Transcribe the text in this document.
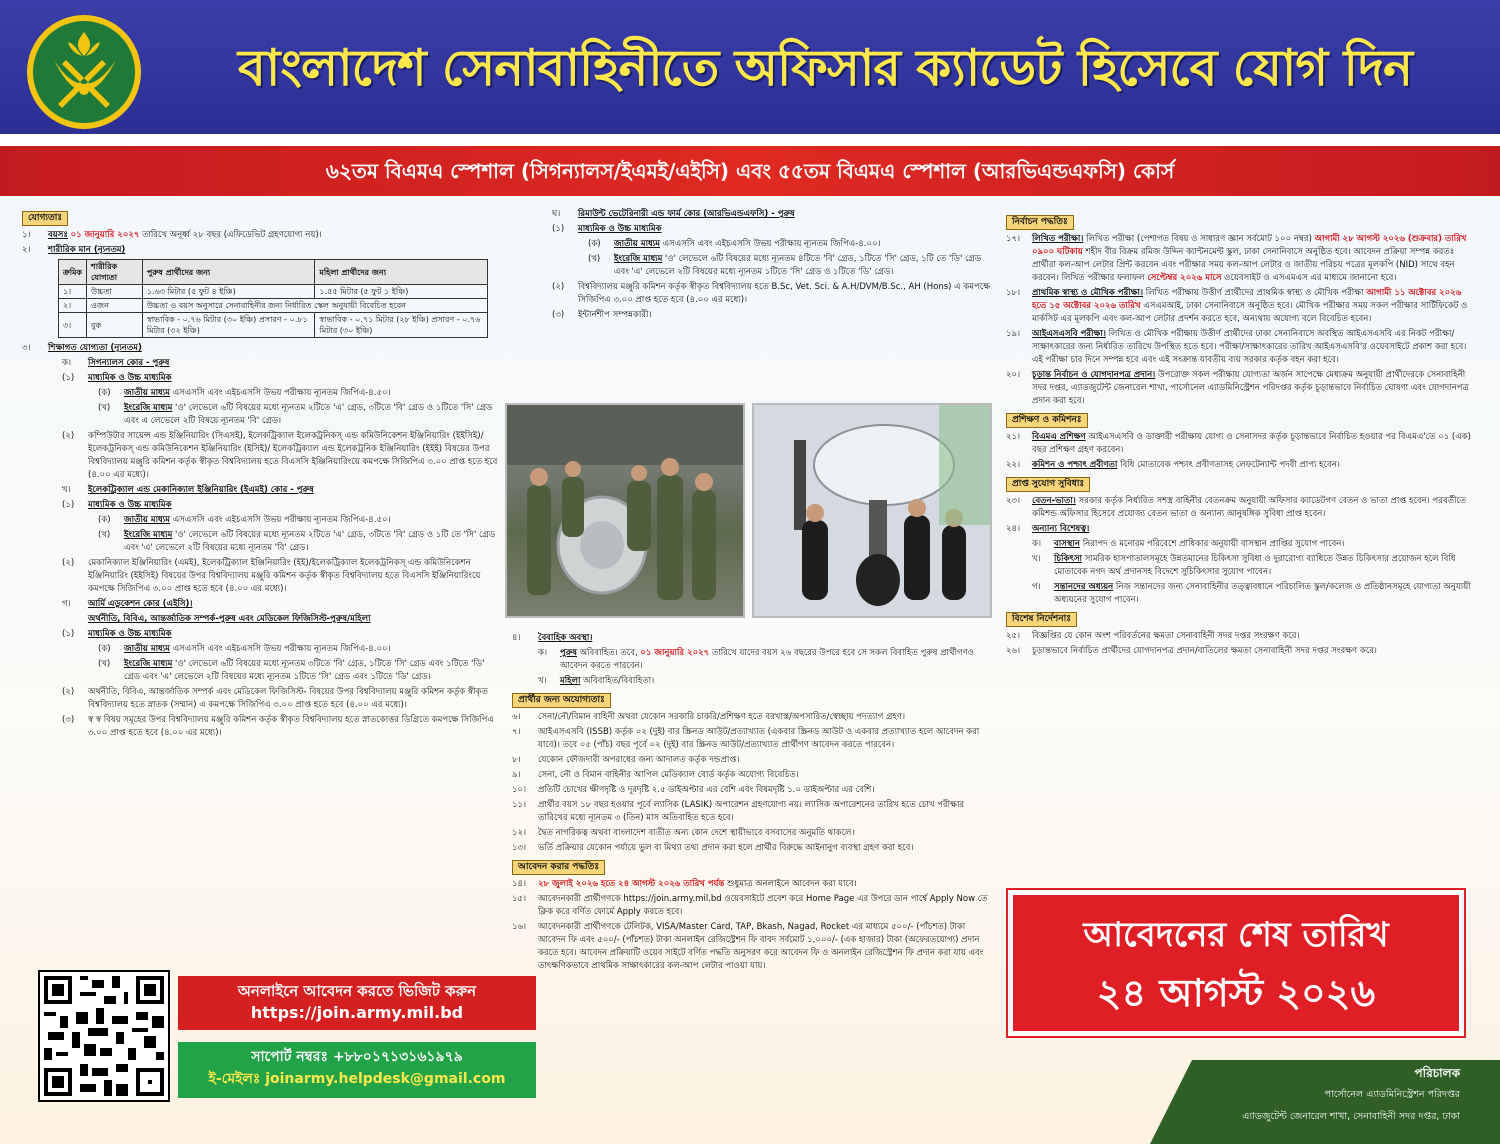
বাংলাদেশ সেনাবাহিনীতে অফিসার ক্যাডেট হিসেবে যোগ দিন
৬২তম বিএমএ স্পেশাল (সিগন্যালস/ইএমই/এইসি) এবং ৫৫তম বিএমএ স্পেশাল (আরভিএন্ডএফসি) কোর্স
যোগ্যতাঃ
১।	বয়সঃ ০১ জানুয়ারি ২০২৭ তারিখে অনূর্ধ্ব ২৮ বছর (এফিডেভিট গ্রহণযোগ্য নয়)।
২।	শারীরিক মান (ন্যূনতম)
ক্রমিক	শারীরিক যোগ্যতা	পুরুষ প্রার্থীদের জন্য	মহিলা প্রার্থীদের জন্য
১।	উচ্চতা	১.৬৩ মিটার (৫ ফুট ৪ ইঞ্চি)	১.৫৫ মিটার (৫ ফুট ১ ইঞ্চি)
২।	ওজন	উচ্চতা ও বয়স অনুসারে সেনাবাহিনীর জন্য নির্ধারিত স্কেল অনুযায়ী বিবেচিত হবেন	
৩।	বুক	স্বাভাবিক - ০.৭৬ মিটার (৩০ ইঞ্চি) প্রসারণ - ০.৮১ মিটার (৩২ ইঞ্চি)	স্বাভাবিক - ০.৭১ মিটার (২৮ ইঞ্চি) প্রসারণ - ০.৭৬ মিটার (৩০ ইঞ্চি)
৩।	শিক্ষাগত যোগ্যতা (ন্যূনতম)
ক।	সিগন্যালস কোর - পুরুষ
(১)	মাধ্যমিক ও উচ্চ মাধ্যমিক
(ক)	জাতীয় মাধ্যম এসএসসি এবং এইচএসসি উভয় পরীক্ষায় ন্যূনতম জিপিএ-৪.৫০।
(খ)	ইংরেজি মাধ্যম 'ও' লেভেলে ৬টি বিষয়ের মধ্যে ন্যূনতম ২টিতে 'এ' গ্রেড, ৩টিতে 'বি' গ্রেড ও ১টিতে 'সি' গ্রেড এবং এ লেভেলে ২টি বিষয়ে ন্যূনতম 'বি' গ্রেড।
(২)	কম্পিউটার সায়েন্স এন্ড ইঞ্জিনিয়ারিং (সিএসই), ইলেকট্রিক্যাল ইলেকট্রনিকস্ এন্ড কমিউনিকেশন ইঞ্জিনিয়ারিং (ইইসিই)/ইলেকট্রনিকস্ এন্ড কমিউনিকেশন ইঞ্জিনিয়ারিং (ইসিই)/ ইলেকট্রিক্যাল এন্ড ইলেকট্রনিক ইঞ্জিনিয়ারিং (ইইই) বিষয়ের উপর বিশ্ববিদ্যালয় মঞ্জুরি কমিশন কর্তৃক স্বীকৃত বিশ্ববিদ্যালয় হতে বিএসসি ইঞ্জিনিয়ারিংয়ে কমপক্ষে সিজিপিএ ৩.০০ প্রাপ্ত হতে হবে (৪.০০ এর মধ্যে)।
খ।	ইলেকট্রিক্যাল এন্ড মেকানিক্যাল ইঞ্জিনিয়ারিং (ইএমই) কোর - পুরুষ
(১)	মাধ্যমিক ও উচ্চ মাধ্যমিক
(ক)	জাতীয় মাধ্যম এসএসসি এবং এইচএসসি উভয় পরীক্ষায় ন্যূনতম জিপিএ-৪.৫০।
(খ)	ইংরেজি মাধ্যম 'ও' লেভেলে ৬টি বিষয়ের মধ্যে ন্যূনতম ২টিতে 'এ' গ্রেড, ৩টিতে 'বি' গ্রেড ও ১টি তে 'সি' গ্রেড এবং 'এ' লেভেলে ২টি বিষয়ের মধ্যে ন্যূনতম 'বি' গ্রেড।
(২)	মেকানিক্যাল ইঞ্জিনিয়ারিং (এমই), ইলেকট্রিক্যাল ইঞ্জিনিয়ারিং (ইই)/ইলেকট্রিক্যাল ইলেকট্রনিকস্ এন্ড কমিউনিকেশন ইঞ্জিনিয়ারিং (ইইসিই) বিষয়ের উপর বিশ্ববিদ্যালয় মঞ্জুরি কমিশন কর্তৃক স্বীকৃত বিশ্ববিদ্যালয় হতে বিএসসি ইঞ্জিনিয়ারিংয়ে কমপক্ষে সিজিপিএ ৩.০০ প্রাপ্ত হতে হবে (৪.০০ এর মধ্যে)।
গ।	আর্মি এডুকেশন কোর (এইসি)।
অর্থনীতি, বিবিএ, আন্তর্জাতিক সম্পর্ক-পুরুষ এবং মেডিকেল ফিজিসিস্ট-পুরুষ/মহিলা
(১)	মাধ্যমিক ও উচ্চ মাধ্যমিক
(ক)	জাতীয় মাধ্যম এসএসসি এবং এইচএসসি উভয় পরীক্ষায় ন্যূনতম জিপিএ-৪.০০।
(খ)	ইংরেজি মাধ্যম 'ও' লেভেলে ৬টি বিষয়ের মধ্যে ন্যূনতম ৩টিতে 'বি' গ্রেড, ১টিতে 'সি' গ্রেড এবং ১টিতে 'ডি' গ্রেড এবং 'এ' লেভেলে ২টি বিষয়ের মধ্যে ন্যূনতম ১টিতে 'সি' গ্রেড এবং ১টিতে 'ডি' গ্রেড।
(২)	অর্থনীতি, বিবিএ, আন্তর্জাতিক সম্পর্ক এবং মেডিকেল ফিজিসিস্ট- বিষয়ের উপর বিশ্ববিদ্যালয় মঞ্জুরি কমিশন কর্তৃক স্বীকৃত বিশ্ববিদ্যালয় হতে স্নাতক (সম্মান) এ কমপক্ষে সিজিপিএ ৩.০০ প্রাপ্ত হতে হবে (৪.০০ এর মধ্যে)।
(৩)	স্ব স্ব বিষয় সমূহের উপর বিশ্ববিদ্যালয় মঞ্জুরি কমিশন কর্তৃক স্বীকৃত বিশ্ববিদ্যালয় হতে স্নাতকোত্তর ডিগ্রিতে কমপক্ষে সিজিপিএ ৩.০০ প্রাপ্ত হতে হবে (৪.০০ এর মধ্যে)।
ঘ।	রিমাউন্ট ভেটেরিনারী এন্ড ফার্ম কোর (আরভিএন্ডএফসি) - পুরুষ
(১)	মাধ্যমিক ও উচ্চ মাধ্যমিক
(ক)	জাতীয় মাধ্যম এসএসসি এবং এইচএসসি উভয় পরীক্ষায় ন্যূনতম জিপিএ-৪.০০।
(খ)	ইংরেজি মাধ্যম 'ও' লেভেলে ৬টি বিষয়ের মধ্যে ন্যূনতম ৪টিতে 'বি' গ্রেড, ১টিতে 'সি' গ্রেড, ১টি তে 'ডি' গ্রেড এবং 'এ' লেভেলে ২টি বিষয়ের মধ্যে ন্যূনতম ১টিতে 'সি' গ্রেড ও ১টিতে 'ডি' গ্রেড।
(২)	বিশ্ববিদ্যালয় মঞ্জুরি কমিশন কর্তৃক স্বীকৃত বিশ্ববিদ্যালয় হতে B.Sc, Vet. Sci. & A.H/DVM/B.Sc., AH (Hons) এ কমপক্ষে সিজিপিএ ৩.০০ প্রাপ্ত হতে হবে (৪.০০ এর মধ্যে)।
(৩)	ইন্টার্নশীপ সম্পন্নকারী।
৪।	বৈবাহিক অবস্থা।
ক।	পুরুষ অবিবাহিত। তবে, ০১ জানুয়ারি ২০২৭ তারিখে যাদের বয়স ২৬ বছরের উপরে হবে সে সকল বিবাহিত পুরুষ প্রার্থীগণও আবেদন করতে পারবেন।
খ।	মহিলা অবিবাহিত/বিবাহিতা।
প্রার্থীর জন্য অযোগ্যতাঃ
৬।	সেনা/নৌ/বিমান বাহিনী অথবা যেকোন সরকারি চাকরি/প্রশিক্ষণ হতে বরখাস্ত/অপসারিত/স্বেচ্ছায় পদত্যাগ গ্রহণ।
৭।	আইএসএসবি (ISSB) কর্তৃক ০২ (দুই) বার স্ক্রিনড আউট/প্রত্যাখ্যাত (একবার স্ক্রিনড আউট ও একবার প্রত্যাখ্যাত হলে আবেদন করা যাবে)। তবে ০৫ (পাঁচ) বছর পূর্বে ০২ (দুই) বার স্ক্রিনড আউট/প্রত্যাখ্যাত প্রার্থীগণ আবেদন করতে পারবেন।
৮।	যেকোন ফৌজদারী অপরাধের জন্য আদালত কর্তৃক দন্ডপ্রাপ্ত।
৯।	সেনা, নৌ ও বিমান বাহিনীর আপিল মেডিক্যাল বোর্ড কর্তৃক অযোগ্য বিবেচিত।
১০।	প্রতিটি চোখের ক্ষীণদৃষ্টি ও দূরদৃষ্টি ২.৫ ডাইঅপ্টার এর বেশি এবং বিষমদৃষ্টি ১.০ ডাইঅপ্টার এর বেশি।
১১।	প্রার্থীর বয়স ১৮ বছর হওয়ার পূর্বে ল্যাসিক (LASIK) অপারেশন গ্রহণযোগ্য নয়। ল্যাসিক অপারেশনের তারিখ হতে চোখ পরীক্ষার তারিখের মধ্যে ন্যূনতম ৩ (তিন) মাস অতিবাহিত হতে হবে।
১২।	দ্বৈত নাগরিকত্ব অথবা বাংলাদেশ ব্যতীত অন্য কোন দেশে স্থায়ীভাবে বসবাসের অনুমতি থাকলে।
১৩।	ভর্তি প্রক্রিয়ার যেকোন পর্যায়ে ভুল বা মিথ্যা তথ্য প্রদান করা হলে প্রার্থীর বিরুদ্ধে আইনানুগ ব্যবস্থা গ্রহণ করা হবে।
আবেদন করার পদ্ধতিঃ
১৪।	২৮ জুলাই ২০২৬ হতে ২৪ আগস্ট ২০২৬ তারিখ পর্যন্ত শুধুমাত্র অনলাইনে আবেদন করা যাবে।
১৫।	আবেদনকারী প্রার্থীগণকে https://join.army.mil.bd ওয়েবসাইটে প্রবেশ করে Home Page এর উপরে ডান পার্শ্বে Apply Now তে ক্লিক করে বর্ণিত ফোর্মে Apply করতে হবে।
১৬।	আবেদনকারী প্রার্থীগণকে টেলিটক, VISA/Master Card, TAP, Bkash, Nagad, Rocket এর মাধ্যমে ৫০০/- (পাঁচশত) টাকা আবেদন ফি এবং ৫০০/- (পাঁচশত) টাকা অনলাইন রেজিস্ট্রেশন ফি বাবদ সর্বমোট ১,০০০/- (এক হাজার) টাকা (অফেরতযোগ্য) প্রদান করতে হবে। আবেদন প্রক্রিয়াটি ওয়েব সাইটে বর্ণিত পদ্ধতি অনুসরণ করে আবেদন ফি ও অনলাইন রেজিস্ট্রেশন ফি প্রদান করা যায় এবং তাৎক্ষণিকভাবে প্রাথমিক সাক্ষাৎকারের কল-আপ লেটার পাওয়া যায়।
নির্বাচন পদ্ধতিঃ
১৭।	লিখিত পরীক্ষা। লিখিত পরীক্ষা (পেশাগত বিষয় ও সাধারণ জ্ঞান সর্বমোট ১০০ নম্বর) আগামী ২৮ আগস্ট ২০২৬ (শুক্রবার) তারিখ ০৯০০ ঘটিকায় শহীদ বীর বিক্রম রমিজ উদ্দিন ক্যান্টনমেন্ট স্কুল, ঢাকা সেনানিবাসে অনুষ্ঠিত হবে। আবেদন প্রক্রিয়া সম্পন্ন করতঃ প্রার্থীরা কল-আপ লেটার প্রিন্ট করবেন এবং পরীক্ষার সময় কল-আপ লেটার ও জাতীয় পরিচয় পত্রের মূলকপি (NID) সাথে বহন করবেন। লিখিত পরীক্ষার ফলাফল সেপ্টেম্বর ২০২৬ মাসে ওয়েবসাইট ও এসএমএস এর মাধ্যমে জানানো হবে।
১৮।	প্রাথমিক স্বাস্থ্য ও মৌখিক পরীক্ষা। লিখিত পরীক্ষায় উত্তীর্ণ প্রার্থীদের প্রাথমিক স্বাস্থ্য ও মৌখিক পরীক্ষা আগামী ১১ অক্টোবর ২০২৬ হতে ১৫ অক্টোবর ২০২৬ তারিখ এসএমআই, ঢাকা সেনানিবাসে অনুষ্ঠিত হবে। মৌখিক পরীক্ষার সময় সকল পরীক্ষার সার্টিফিকেট ও মার্কসিট এর মূলকপি এবং কল-আপ লেটার প্রদর্শন করতে হবে, অন্যথায় অযোগ্য বলে বিবেচিত হবেন।
১৯।	আইএসএসবি পরীক্ষা। লিখিত ও মৌখিক পরীক্ষায় উত্তীর্ণ প্রার্থীদের ঢাকা সেনানিবাসে অবস্থিত আইএসএসবি এর নিকট পরীক্ষা/সাক্ষাৎকারের জন্য নির্ধারিত তারিখে উপস্থিত হতে হবে। পরীক্ষা/সাক্ষাৎকারের তারিখ আইএসএসবি'র ওয়েবসাইটে প্রকাশ করা হবে। এই পরীক্ষা চার দিনে সম্পন্ন হবে এবং এই সংক্রান্ত যাবতীয় ব্যয় সরকার কর্তৃক বহন করা হবে।
২০।	চূড়ান্ত নির্বাচন ও যোগদানপত্র প্রদান। উপরোক্ত সকল পরীক্ষায় যোগ্যতা অর্জন সাপেক্ষে মেধাক্রম অনুযায়ী প্রার্থীদেরকে সেনাবাহিনী সদর দপ্তর, এ্যাডজুটেন্ট জেনারেল শাখা, পার্সোনেল এ্যাডমিনিস্ট্রেশন পরিদপ্তর কর্তৃক চূড়ান্তভাবে নির্বাচিত ঘোষণা এবং যোগদানপত্র প্রদান করা হবে।
প্রশিক্ষণ ও কমিশনঃ
২১।	বিএমএ প্রশিক্ষণ আইএসএসবি ও ডাক্তারী পরীক্ষায় যোগ্য ও সেনাসদর কর্তৃক চূড়ান্তভাবে নির্বাচিত হওয়ার পর বিএমএ'তে ০১ (এক) বছর প্রশিক্ষণ গ্রহণ করবেন।
২২।	কমিশন ও পশ্চাৎ প্রবীণতা বিধি মোতাবেক পশ্চাৎ প্রবীণতাসহ লেফটেন্যান্ট পদবী প্রাপ্য হবেন।
প্রাপ্ত সুযোগ সুবিধাঃ
২৩।	বেতন-ভাতা। সরকার কর্তৃক নির্ধারিত সশস্ত্র বাহিনীর বেতনক্রম অনুযায়ী অফিসার ক্যাডেটগণ বেতন ও ভাতা প্রাপ্ত হবেন। পরবর্তীতে কমিশন্ড অফিসার হিসেবে প্রযোজ্য বেতন ভাতা ও অন্যান্য আনুষঙ্গিক সুবিধা প্রাপ্ত হবেন।
২৪।	অন্যান্য বিশেষত্ব।
ক।	বাসস্থান নিরাপদ ও মনোরম পরিবেশে প্রাধিকার অনুযায়ী বাসস্থান প্রাপ্তির সুযোগ পাবেন।
খ।	চিকিৎসা সামরিক হাসপাতালসমূহে উন্নতমানের চিকিৎসা সুবিধা ও দুরারোগ্য ব্যাধিতে উন্নত চিকিৎসার প্রয়োজন হলে বিধি মোতাবেক নগদ অর্থ প্রদানসহ বিদেশে সুচিকিৎসার সুযোগ পাবেন।
গ।	সন্তানদের অধ্যয়ন নিজ সন্তানদের জন্য সেনাবাহিনীর তত্ত্বাবধানে পরিচালিত স্কুল/কলেজ ও প্রতিষ্ঠানসমূহে যোগ্যতা অনুযায়ী অধ্যয়নের সুযোগ পাবেন।
বিশেষ নির্দেশনাঃ
২৫।	বিজ্ঞপ্তির যে কোন অংশ পরিবর্তনের ক্ষমতা সেনাবাহিনী সদর দপ্তর সংরক্ষণ করে।
২৬।	চূড়ান্তভাবে নির্বাচিত প্রার্থীদের যোগদানপত্র প্রদান/বাতিলের ক্ষমতা সেনাবাহিনী সদর দপ্তর সংরক্ষণ করে।
অনলাইনে আবেদন করতে ভিজিট করুন
https://join.army.mil.bd
সাপোর্ট নম্বরঃ +৮৮০১৭১৩১৬১৯৭৯
ই-মেইলঃ joinarmy.helpdesk@gmail.com
আবেদনের শেষ তারিখ
২৪ আগস্ট ২০২৬
পরিচালক
পার্সোনেল এ্যাডমিনিস্ট্রেশন পরিদপ্তর
এ্যাডজুটেন্ট জেনারেল শাখা, সেনাবাহিনী সদর দপ্তর, ঢাকা
